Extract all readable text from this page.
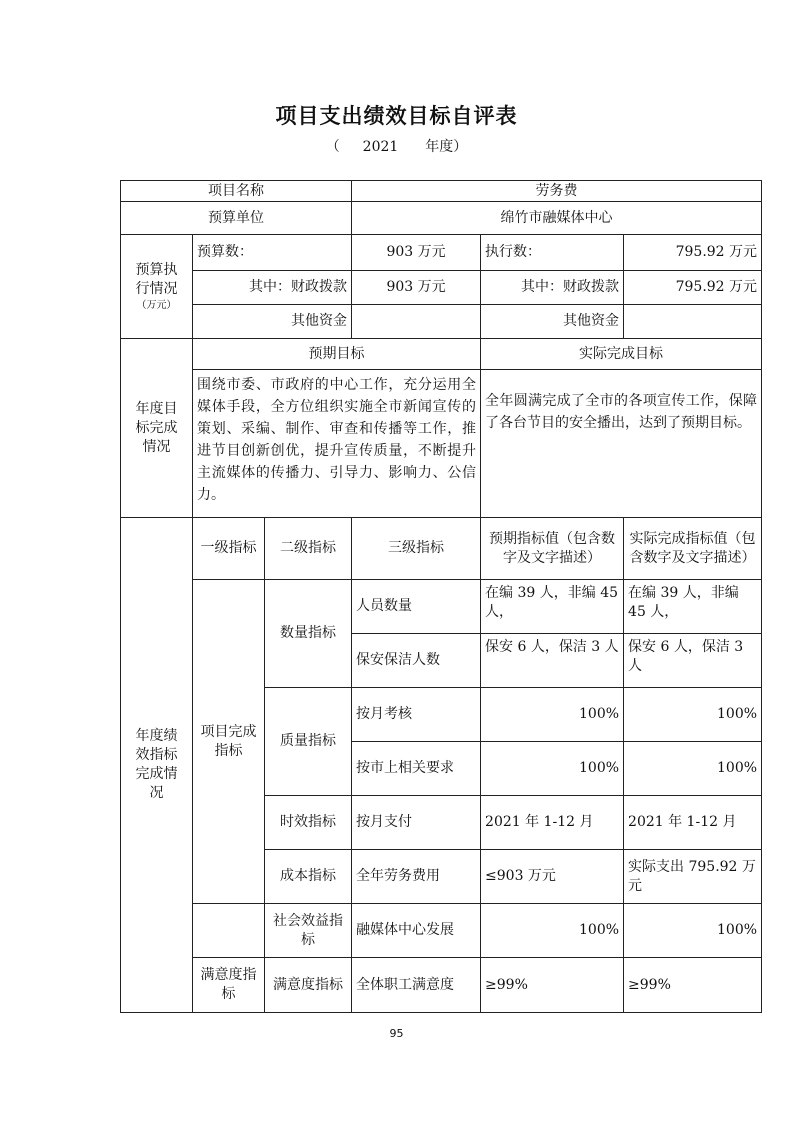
项目支出绩效目标自评表
（ 2021 年度）
项目名称			劳务费		
预算单位			绵竹市融媒体中心		

预算执行情况
（万元）	预算数：		903 万元	执行数：	795.92 万元
	其中：财政拨款		903 万元	其中：财政拨款	795.92 万元
	其他资金			其他资金	

年度目标完成情况	预期目标			实际完成目标	
	围绕市委、市政府的中心工作，充分运用全媒体手段，全方位组织实施全市新闻宣传的策划、采编、制作、审查和传播等工作，推进节目创新创优，提升宣传质量，不断提升主流媒体的传播力、引导力、影响力、公信力。			全年圆满完成了全市的各项宣传工作，保障了各台节目的安全播出，达到了预期目标。	

年度绩效指标完成情况	一级指标	二级指标	三级指标	预期指标值（包含数字及文字描述）	实际完成指标值（包含数字及文字描述）
	项目完成指标	数量指标	人员数量	在编 39 人，非编 45 人，	在编 39 人，非编 45 人，
			保安保洁人数	保安 6 人，保洁 3 人	保安 6 人，保洁 3 人
		质量指标	按月考核	100%	100%
			按市上相关要求	100%	100%
		时效指标	按月支付	2021 年 1-12 月	2021 年 1-12 月
		成本指标	全年劳务费用	≤903 万元	实际支出 795.92 万元
		社会效益指标	融媒体中心发展	100%	100%
	满意度指标	满意度指标	全体职工满意度	≥99%	≥99%
95
